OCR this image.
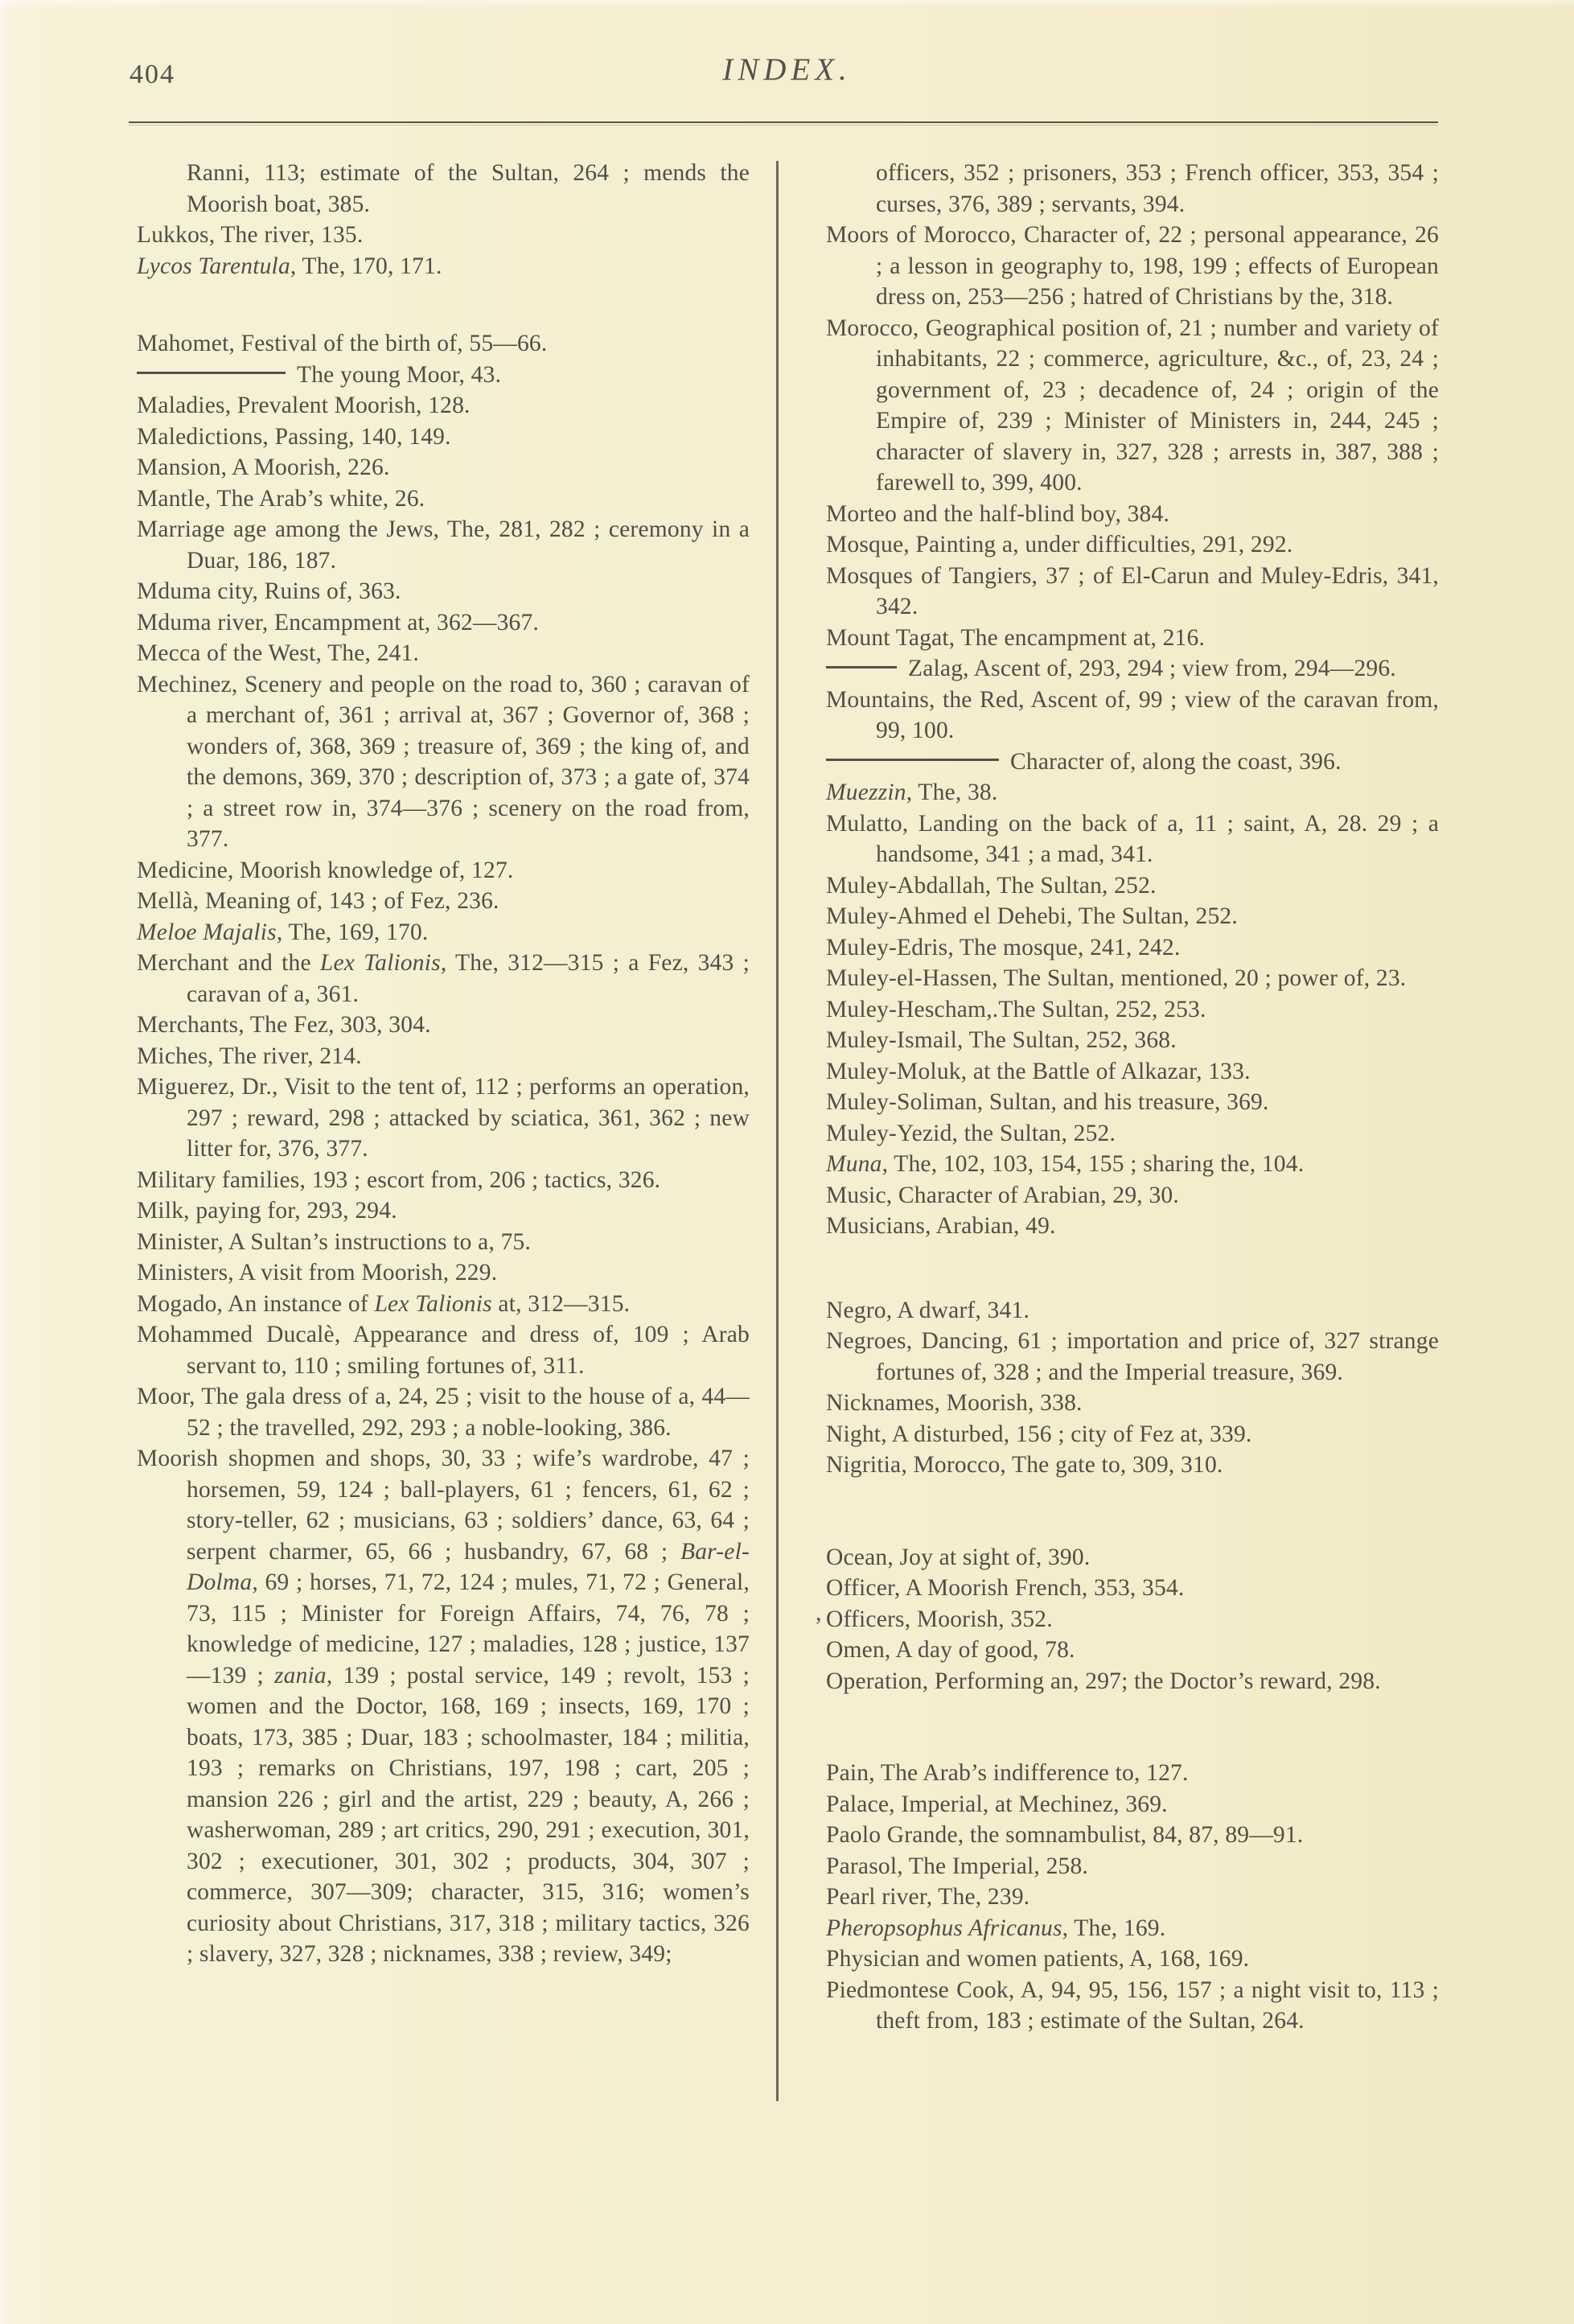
404	INDEX.
Ranni, 113; estimate of the Sultan, 264 ; mends the Moorish boat, 385.
Lukkos, The river, 135.
Lycos Tarentula, The, 170, 171.
Mahomet, Festival of the birth of, 55—66.
The young Moor, 43.
Maladies, Prevalent Moorish, 128.
Maledictions, Passing, 140, 149.
Mansion, A Moorish, 226.
Mantle, The Arab’s white, 26.
Marriage age among the Jews, The, 281, 282 ; ceremony in a Duar, 186, 187.
Mduma city, Ruins of, 363.
Mduma river, Encampment at, 362—367.
Mecca of the West, The, 241.
Mechinez, Scenery and people on the road to, 360 ; caravan of a merchant of, 361 ; arrival at, 367 ; Governor of, 368 ; wonders of, 368, 369 ; treasure of, 369 ; the king of, and the demons, 369, 370 ; description of, 373 ; a gate of, 374 ; a street row in, 374—376 ; scenery on the road from, 377.
Medicine, Moorish knowledge of, 127.
Mellà, Meaning of, 143 ; of Fez, 236.
Meloe Majalis, The, 169, 170.
Merchant and the Lex Talionis, The, 312—315 ; a Fez, 343 ; caravan of a, 361.
Merchants, The Fez, 303, 304.
Miches, The river, 214.
Miguerez, Dr., Visit to the tent of, 112 ; performs an operation, 297 ; reward, 298 ; attacked by sciatica, 361, 362 ; new litter for, 376, 377.
Military families, 193 ; escort from, 206 ; tactics, 326.
Milk, paying for, 293, 294.
Minister, A Sultan’s instructions to a, 75.
Ministers, A visit from Moorish, 229.
Mogado, An instance of Lex Talionis at, 312—315.
Mohammed Ducalè, Appearance and dress of, 109 ; Arab servant to, 110 ; smiling fortunes of, 311.
Moor, The gala dress of a, 24, 25 ; visit to the house of a, 44—52 ; the travelled, 292, 293 ; a noble-looking, 386.
Moorish shopmen and shops, 30, 33 ; wife’s wardrobe, 47 ; horsemen, 59, 124 ; ball-players, 61 ; fencers, 61, 62 ; story-teller, 62 ; musicians, 63 ; soldiers’ dance, 63, 64 ; serpent charmer, 65, 66 ; husbandry, 67, 68 ; Bar-el-Dolma, 69 ; horses, 71, 72, 124 ; mules, 71, 72 ; General, 73, 115 ; Minister for Foreign Affairs, 74, 76, 78 ; knowledge of medicine, 127 ; maladies, 128 ; justice, 137—139 ; zania, 139 ; postal service, 149 ; revolt, 153 ; women and the Doctor, 168, 169 ; insects, 169, 170 ; boats, 173, 385 ; Duar, 183 ; schoolmaster, 184 ; militia, 193 ; remarks on Christians, 197, 198 ; cart, 205 ; mansion 226 ; girl and the artist, 229 ; beauty, A, 266 ; washerwoman, 289 ; art critics, 290, 291 ; execution, 301, 302 ; executioner, 301, 302 ; products, 304, 307 ; commerce, 307—309; character, 315, 316; women’s curiosity about Christians, 317, 318 ; military tactics, 326 ; slavery, 327, 328 ; nicknames, 338 ; review, 349;
officers, 352 ; prisoners, 353 ; French officer, 353, 354 ; curses, 376, 389 ; servants, 394.
Moors of Morocco, Character of, 22 ; personal appearance, 26 ; a lesson in geography to, 198, 199 ; effects of European dress on, 253—256 ; hatred of Christians by the, 318.
Morocco, Geographical position of, 21 ; number and variety of inhabitants, 22 ; commerce, agriculture, &c., of, 23, 24 ; government of, 23 ; decadence of, 24 ; origin of the Empire of, 239 ; Minister of Ministers in, 244, 245 ; character of slavery in, 327, 328 ; arrests in, 387, 388 ; farewell to, 399, 400.
Morteo and the half-blind boy, 384.
Mosque, Painting a, under difficulties, 291, 292.
Mosques of Tangiers, 37 ; of El-Carun and Muley-Edris, 341, 342.
Mount Tagat, The encampment at, 216.
Zalag, Ascent of, 293, 294 ; view from, 294—296.
Mountains, the Red, Ascent of, 99 ; view of the caravan from, 99, 100.
Character of, along the coast, 396.
Muezzin, The, 38.
Mulatto, Landing on the back of a, 11 ; saint, A, 28. 29 ; a handsome, 341 ; a mad, 341.
Muley-Abdallah, The Sultan, 252.
Muley-Ahmed el Dehebi, The Sultan, 252.
Muley-Edris, The mosque, 241, 242.
Muley-el-Hassen, The Sultan, mentioned, 20 ; power of, 23.
Muley-Hescham,.The Sultan, 252, 253.
Muley-Ismail, The Sultan, 252, 368.
Muley-Moluk, at the Battle of Alkazar, 133.
Muley-Soliman, Sultan, and his treasure, 369.
Muley-Yezid, the Sultan, 252.
Muna, The, 102, 103, 154, 155 ; sharing the, 104.
Music, Character of Arabian, 29, 30.
Musicians, Arabian, 49.
Negro, A dwarf, 341.
Negroes, Dancing, 61 ; importation and price of, 327 strange fortunes of, 328 ; and the Imperial treasure, 369.
Nicknames, Moorish, 338.
Night, A disturbed, 156 ; city of Fez at, 339.
Nigritia, Morocco, The gate to, 309, 310.
Ocean, Joy at sight of, 390.
Officer, A Moorish French, 353, 354.
Officers, Moorish, 352.
Omen, A day of good, 78.
Operation, Performing an, 297; the Doctor’s reward, 298.
Pain, The Arab’s indifference to, 127.
Palace, Imperial, at Mechinez, 369.
Paolo Grande, the somnambulist, 84, 87, 89—91.
Parasol, The Imperial, 258.
Pearl river, The, 239.
Pheropsophus Africanus, The, 169.
Physician and women patients, A, 168, 169.
Piedmontese Cook, A, 94, 95, 156, 157 ; a night visit to, 113 ; theft from, 183 ; estimate of the Sultan, 264.
,
